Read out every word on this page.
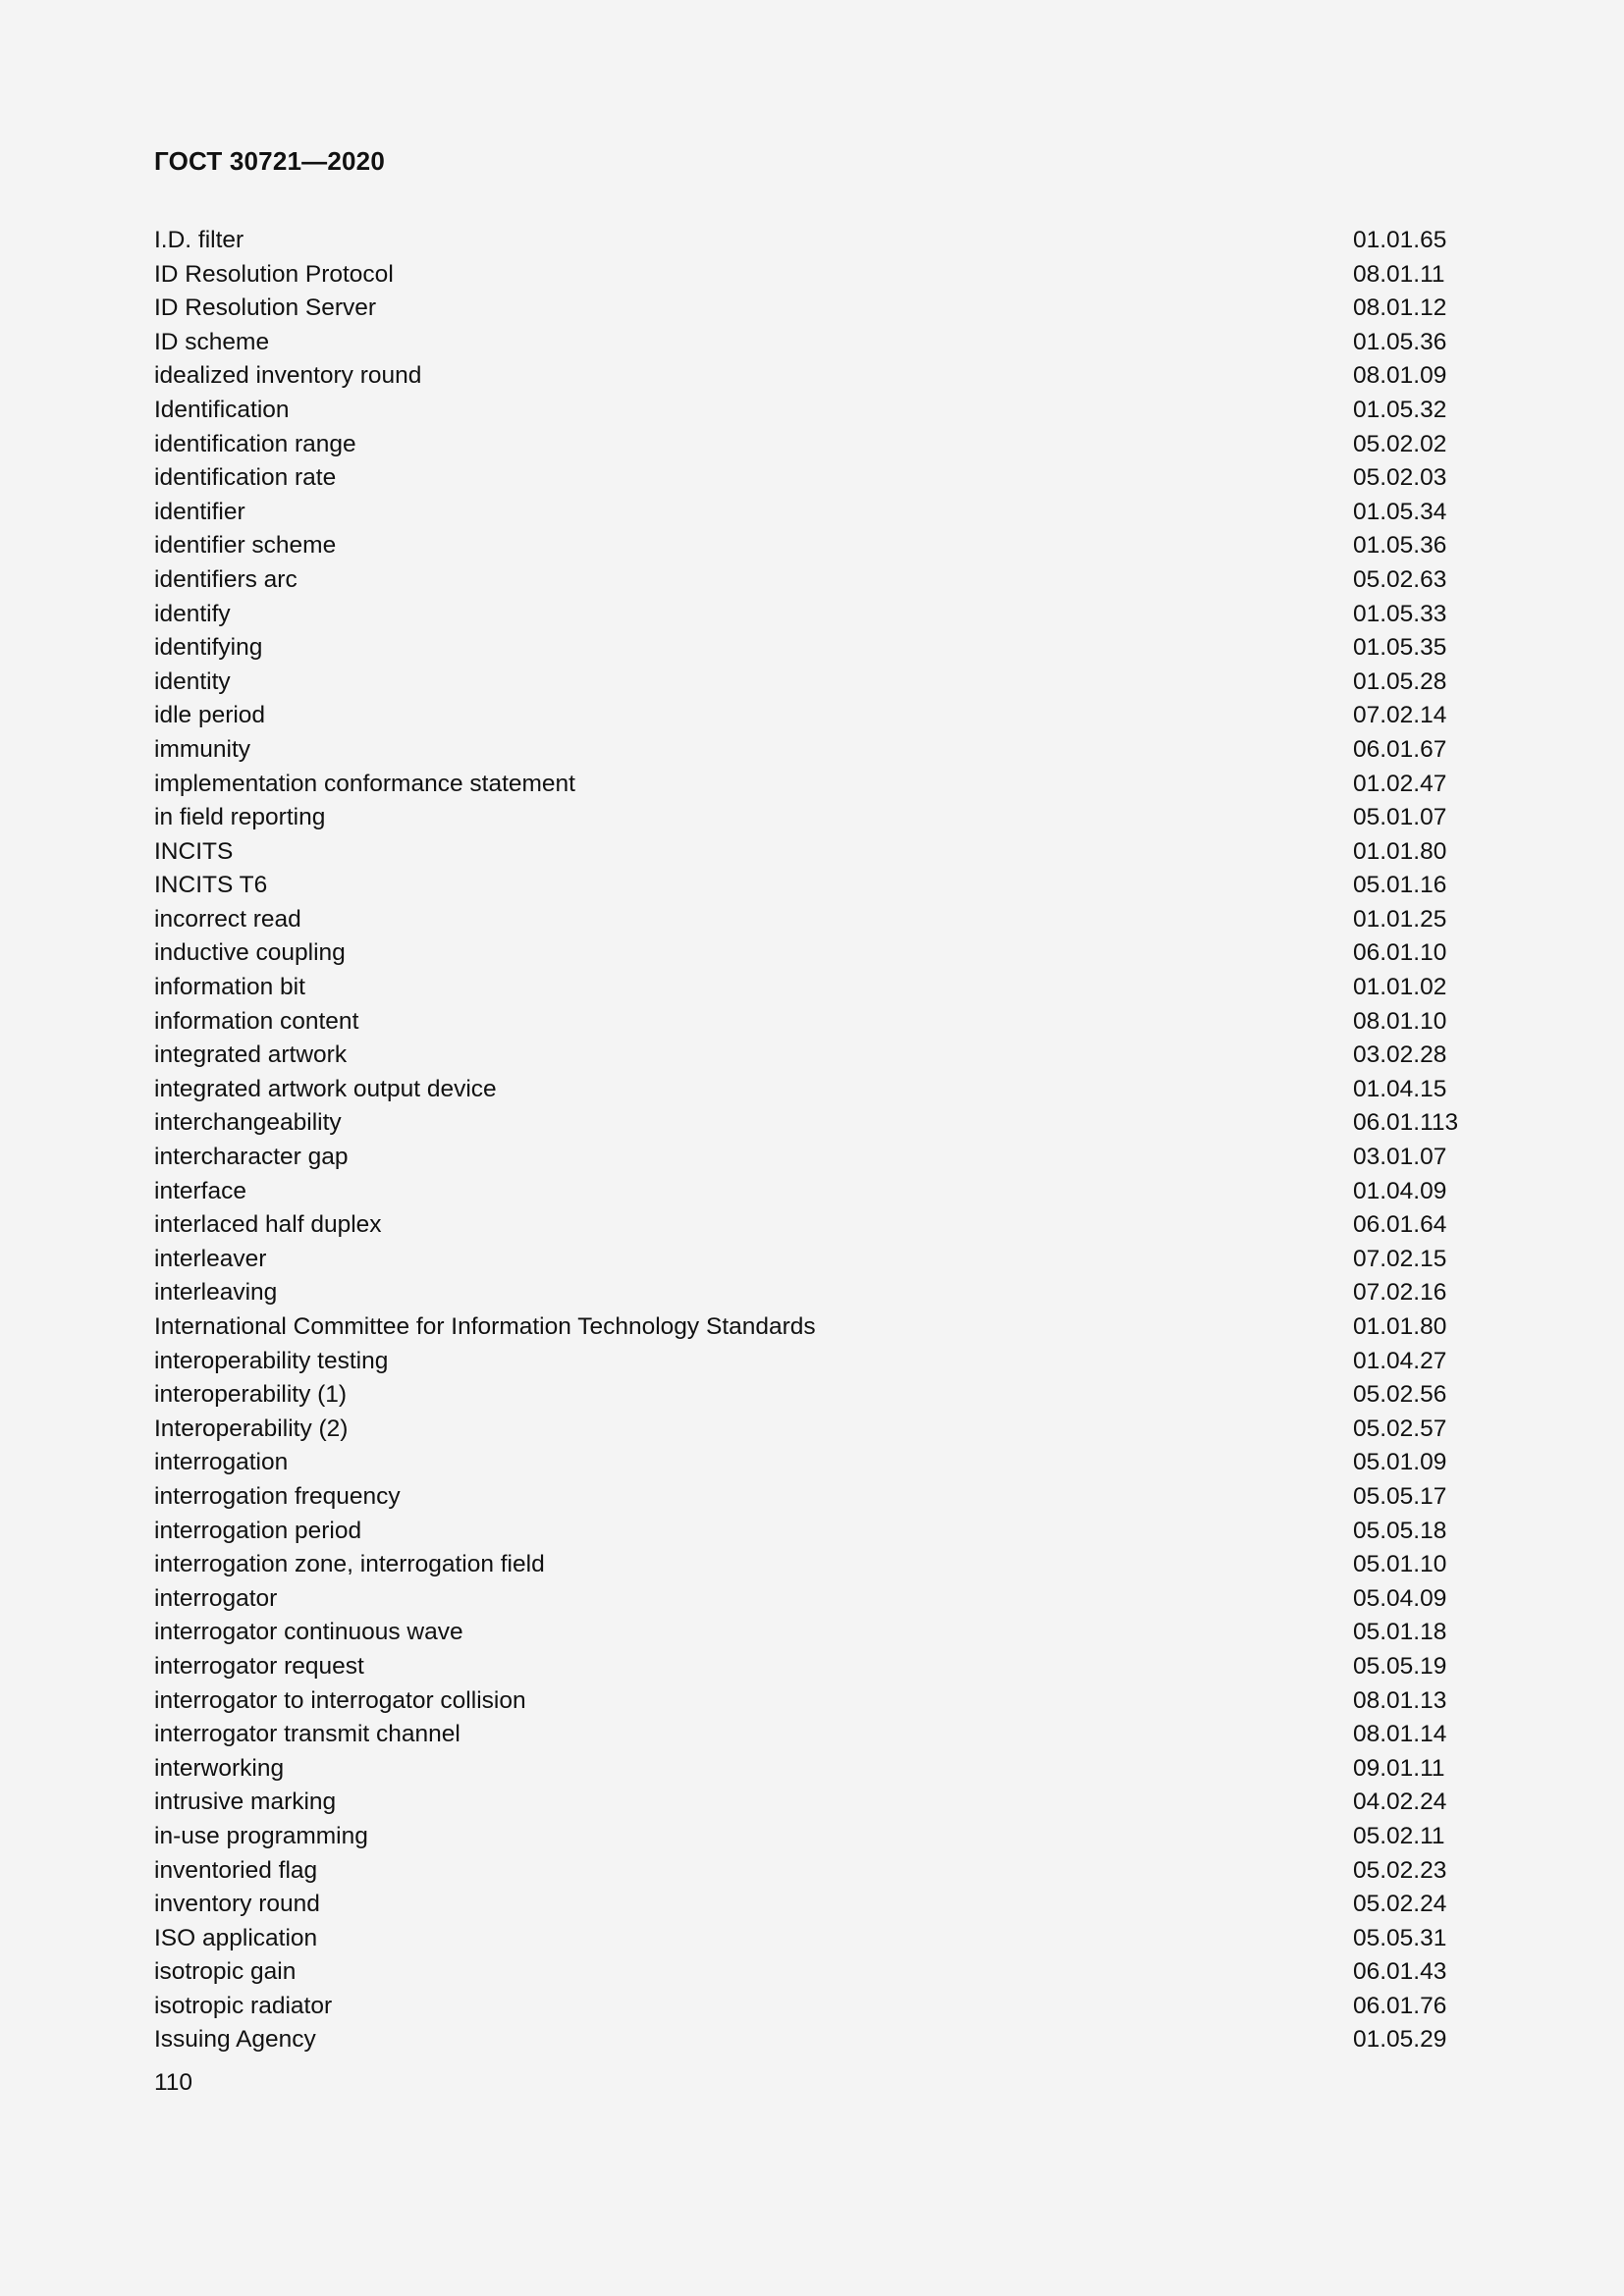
ГОСТ 30721—2020
I.D. filter	01.01.65
ID Resolution Protocol	08.01.11
ID Resolution Server	08.01.12
ID scheme	01.05.36
idealized inventory round	08.01.09
Identification	01.05.32
identification range	05.02.02
identification rate	05.02.03
identifier	01.05.34
identifier scheme	01.05.36
identifiers arc	05.02.63
identify	01.05.33
identifying	01.05.35
identity	01.05.28
idle period	07.02.14
immunity	06.01.67
implementation conformance statement	01.02.47
in field reporting	05.01.07
INCITS	01.01.80
INCITS T6	05.01.16
incorrect read	01.01.25
inductive coupling	06.01.10
information bit	01.01.02
information content	08.01.10
integrated artwork	03.02.28
integrated artwork output device	01.04.15
interchangeability	06.01.113
intercharacter gap	03.01.07
interface	01.04.09
interlaced half duplex	06.01.64
interleaver	07.02.15
interleaving	07.02.16
International Committee for Information Technology Standards	01.01.80
interoperability testing	01.04.27
interoperability (1)	05.02.56
Interoperability (2)	05.02.57
interrogation	05.01.09
interrogation frequency	05.05.17
interrogation period	05.05.18
interrogation zone, interrogation field	05.01.10
interrogator	05.04.09
interrogator continuous wave	05.01.18
interrogator request	05.05.19
interrogator to interrogator collision	08.01.13
interrogator transmit channel	08.01.14
interworking	09.01.11
intrusive marking	04.02.24
in-use programming	05.02.11
inventoried flag	05.02.23
inventory round	05.02.24
ISO application	05.05.31
isotropic gain	06.01.43
isotropic radiator	06.01.76
Issuing Agency	01.05.29
110
